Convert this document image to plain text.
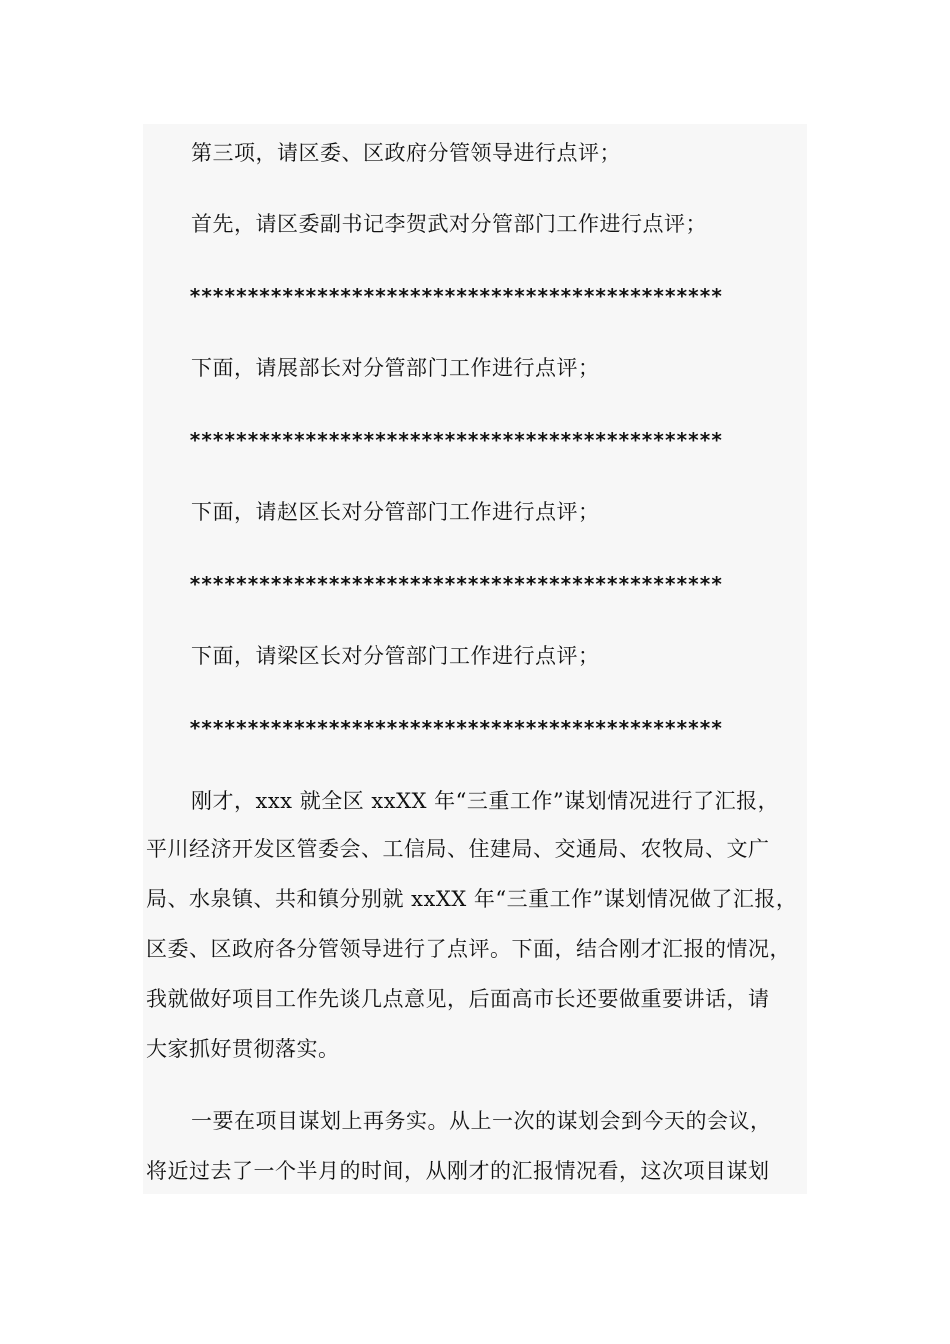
第三项，请区委、区政府分管领导进行点评；
首先，请区委副书记李贺武对分管部门工作进行点评；
**********************************************
下面，请展部长对分管部门工作进行点评；
**********************************************
下面，请赵区长对分管部门工作进行点评；
**********************************************
下面，请梁区长对分管部门工作进行点评；
**********************************************
刚才，xxx 就全区 xxXX 年“三重工作”谋划情况进行了汇报，
平川经济开发区管委会、工信局、住建局、交通局、农牧局、文广
局、水泉镇、共和镇分别就 xxXX 年“三重工作”谋划情况做了汇报，
区委、区政府各分管领导进行了点评。下面，结合刚才汇报的情况，
我就做好项目工作先谈几点意见，后面高市长还要做重要讲话，请
大家抓好贯彻落实。
一要在项目谋划上再务实。从上一次的谋划会到今天的会议，
将近过去了一个半月的时间，从刚才的汇报情况看，这次项目谋划
